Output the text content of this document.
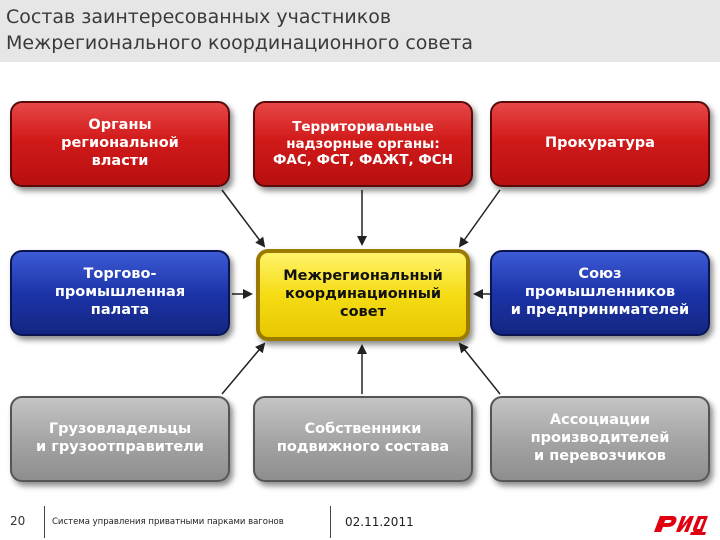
Состав заинтересованных участников
Межрегионального координационного совета
Органы
региональной
власти
Территориальные
надзорные органы:
ФАС, ФСТ, ФАЖТ, ФСН
Прокуратура
Торгово-
промышленная
палата
Межрегиональный
координационный
совет
Союз
промышленников
и предпринимателей
Грузовладельцы
и грузоотправители
Собственники
подвижного состава
Ассоциации
производителей
и перевозчиков
20	Система управления приватными парками вагонов	02.11.2011
